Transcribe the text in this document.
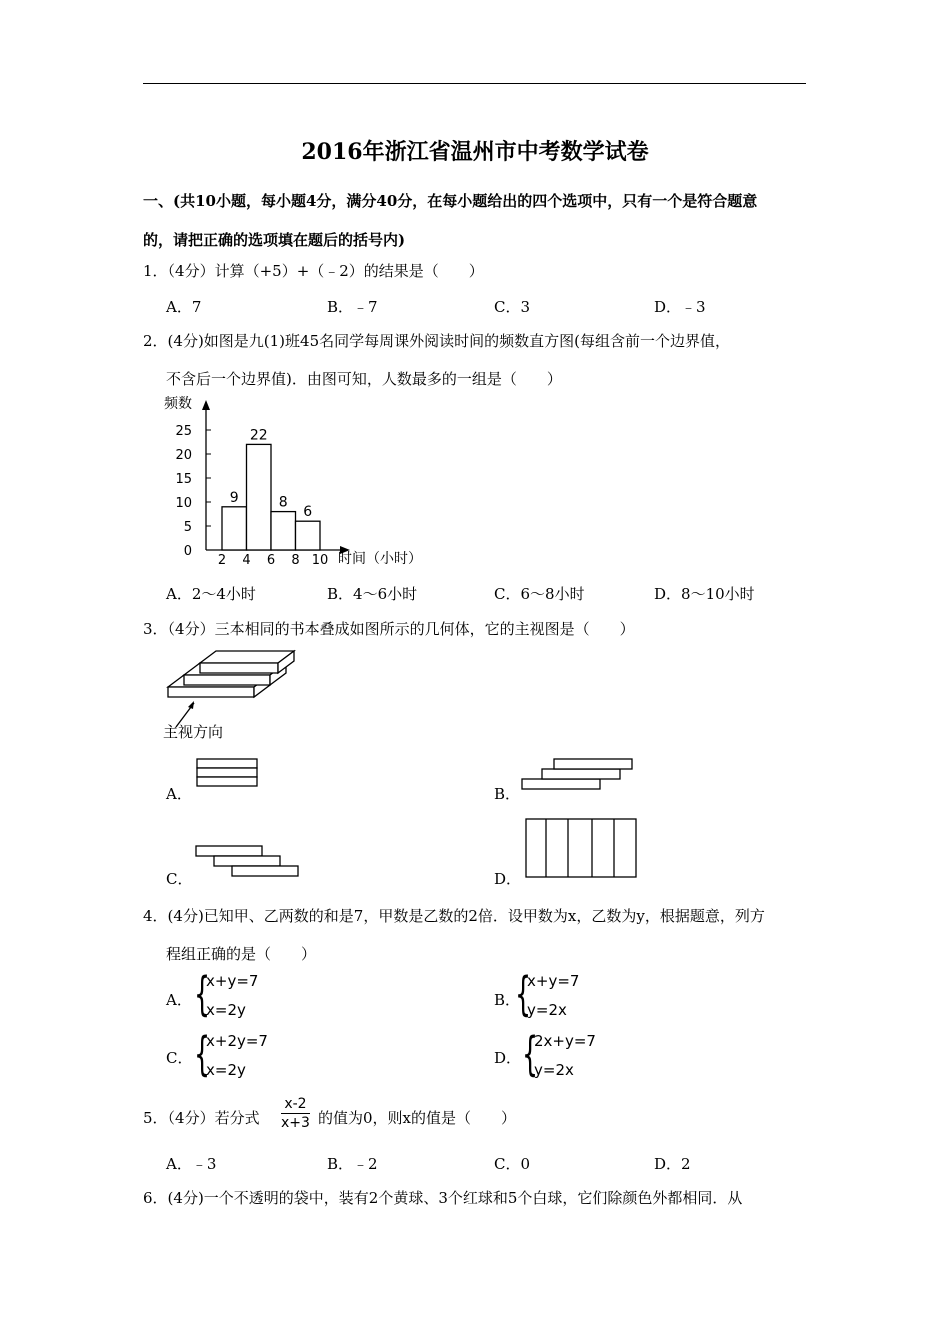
2016年浙江省温州市中考数学试卷
一、(共10小题，每小题4分，满分40分，在每小题给出的四个选项中，只有一个是符合题意
的，请把正确的选项填在题后的括号内)
1．（4分）计算（+5）+（﹣2）的结果是（　　）
A．7	B．﹣7	C．3	D．﹣3
2．(4分)如图是九(1)班45名同学每周课外阅读时间的频数直方图(每组含前一个边界值，
不含后一个边界值)．由图可知，人数最多的一组是（　　）
0
5
10
15
20
25
频数
2 4 6 8 10 时间（小时）
9
22
8
6
A．2～4小时	B．4～6小时	C．6～8小时	D．8～10小时
3．（4分）三本相同的书本叠成如图所示的几何体，它的主视图是（　　）
主视方向
A．	B．
C．	D．
4．(4分)已知甲、乙两数的和是7，甲数是乙数的2倍．设甲数为x，乙数为y，根据题意，列方
程组正确的是（　　）
A． {
x+y=7
x=2y
B．
{
x+y=7
y=2x
C． {
x+2y=7
x=2y
D． {
2x+y=7
y=2x
5．（4分）若分式 $\frac{x-2}{x+3}$ 的值为0，则x的值是（　　）
A．﹣3	B．﹣2	C．0	D．2
6．(4分)一个不透明的袋中，装有2个黄球、3个红球和5个白球，它们除颜色外都相同．从
